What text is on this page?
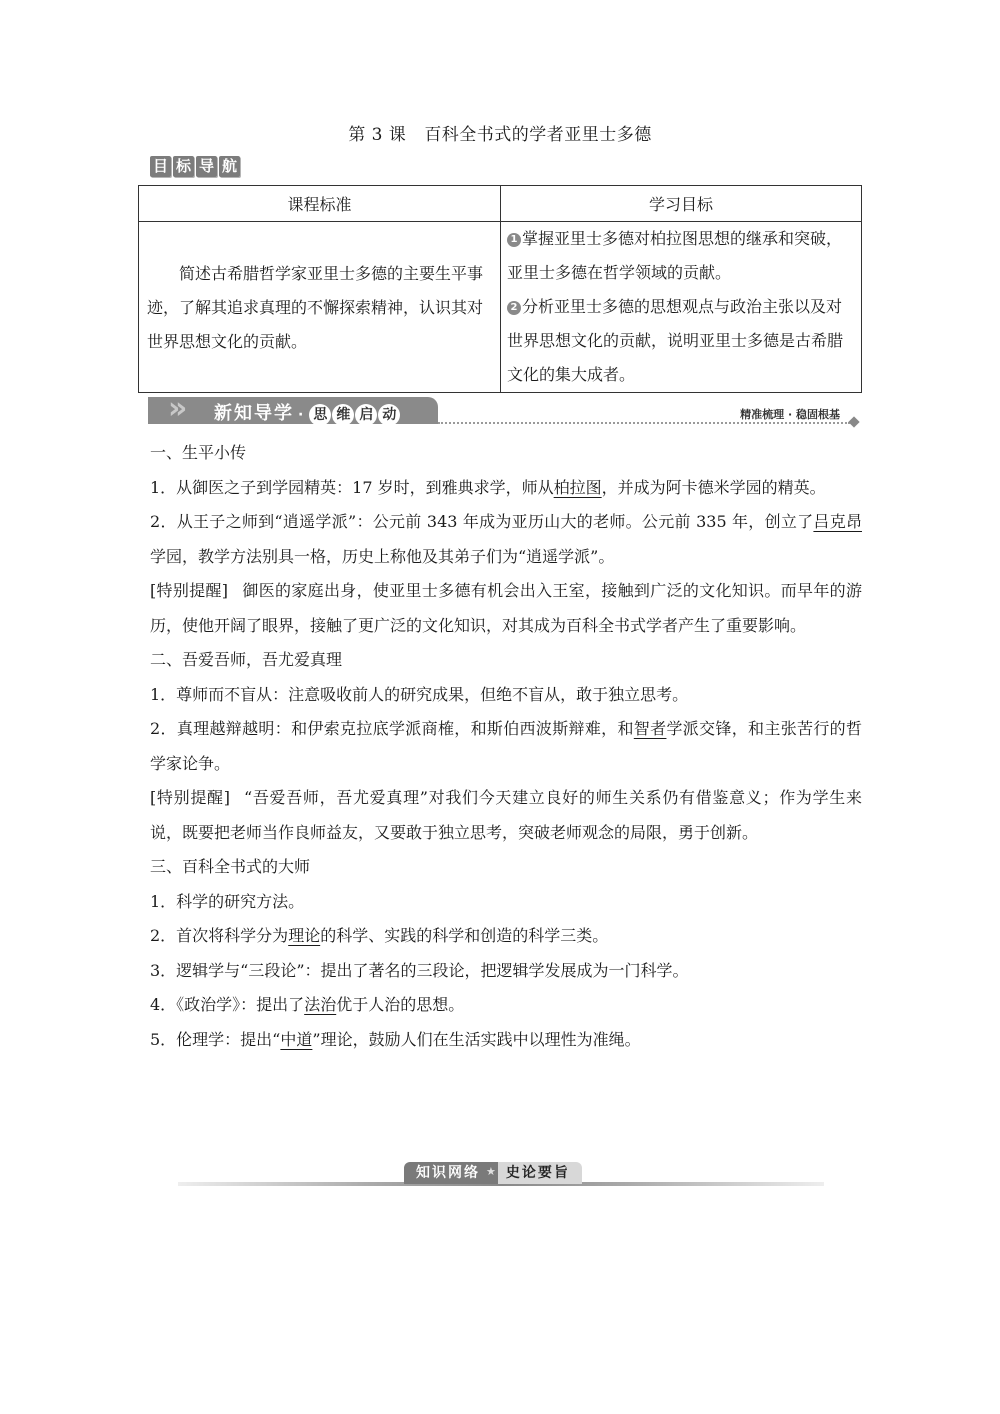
第 3 课 百科全书式的学者亚里士多德
目 标 导 航
课程标准	学习目标
简述古希腊哲学家亚里士多德的主要生平事迹，了解其追求真理的不懈探索精神，认识其对世界思想文化的贡献。	1 掌握亚里士多德对柏拉图思想的继承和突破，亚里士多德在哲学领域的贡献。
2 分析亚里士多德的思想观点与政治主张以及对世界思想文化的贡献，说明亚里士多德是古希腊文化的集大成者。
» 新知导学 · 思 维 启 动	精准梳理 · 稳固根基

一、生平小传

1．从御医之子到学园精英：17 岁时，到雅典求学，师从柏拉图，并成为阿卡德米学园的精英。

2．从王子之师到“逍遥学派”：公元前 343 年成为亚历山大的老师。公元前 335 年，创立了吕克昂学园，教学方法别具一格，历史上称他及其弟子们为“逍遥学派”。

[特别提醒] 御医的家庭出身，使亚里士多德有机会出入王室，接触到广泛的文化知识。而早年的游历，使他开阔了眼界，接触了更广泛的文化知识，对其成为百科全书式学者产生了重要影响。

二、吾爱吾师，吾尤爱真理

1．尊师而不盲从：注意吸收前人的研究成果，但绝不盲从，敢于独立思考。

2．真理越辩越明：和伊索克拉底学派商榷，和斯伯西波斯辩难，和智者学派交锋，和主张苦行的哲学家论争。

[特别提醒] “吾爱吾师，吾尤爱真理”对我们今天建立良好的师生关系仍有借鉴意义；作为学生来说，既要把老师当作良师益友，又要敢于独立思考，突破老师观念的局限，勇于创新。

三、百科全书式的大师

1．科学的研究方法。

2．首次将科学分为理论的科学、实践的科学和创造的科学三类。

3．逻辑学与“三段论”：提出了著名的三段论，把逻辑学发展成为一门科学。

4．《政治学》：提出了法治优于人治的思想。

5．伦理学：提出“中道”理论，鼓励人们在生活实践中以理性为准绳。

知识网络 ★ 史论要旨
